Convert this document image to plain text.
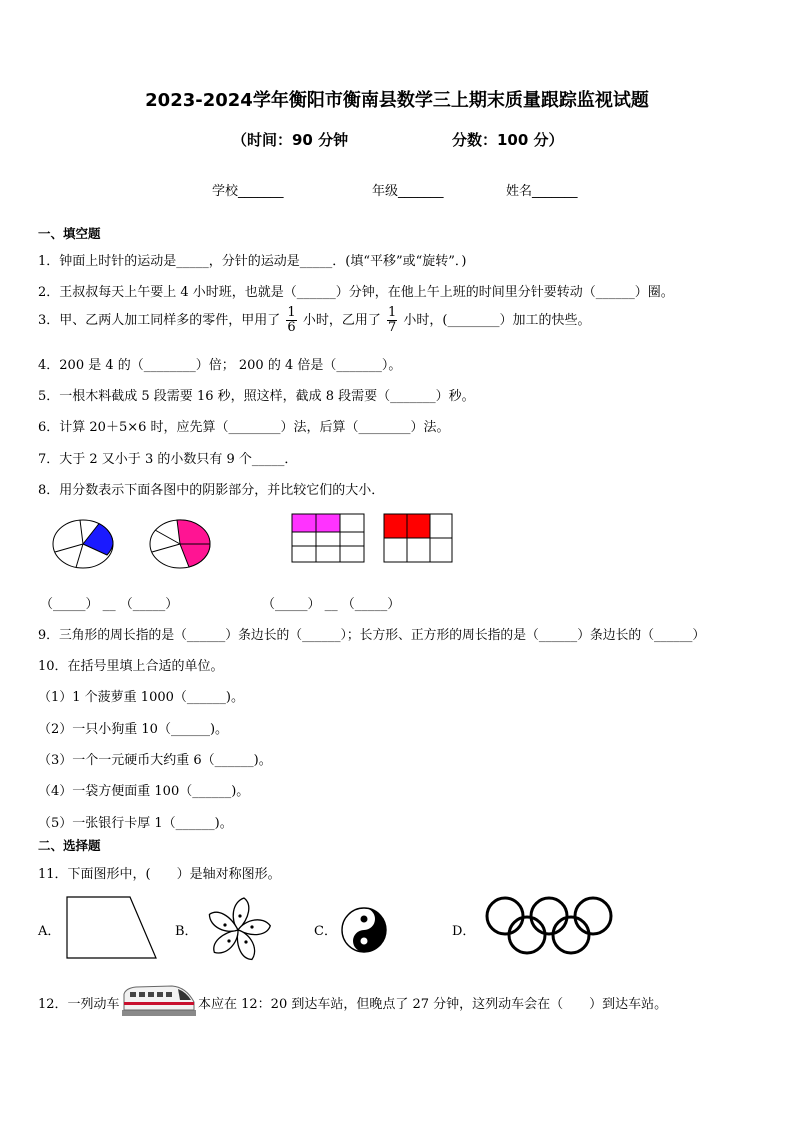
2023-2024学年衡阳市衡南县数学三上期末质量跟踪监视试题
（时间：90 分钟	分数：100 分）
学校_______	年级_______	姓名_______
一、填空题
1．钟面上时针的运动是_____，分针的运动是_____．(填“平移”或“旋转”．)
2．王叔叔每天上午要上 4 小时班，也就是（______）分钟，在他上午上班的时间里分针要转动（______）圈。
3．甲、乙两人加工同样多的零件，甲用了 $\frac{1}{6}$ 小时，乙用了 $\frac{1}{7}$ 小时，(________）加工的快些。
4．200 是 4 的（________）倍； 200 的 4 倍是（_______）。
5．一根木料截成 5 段需要 16 秒，照这样，截成 8 段需要（_______）秒。
6．计算 20＋5×6 时，应先算（________）法，后算（________）法。
7．大于 2 又小于 3 的小数只有 9 个_____．
8．用分数表示下面各图中的阴影部分，并比较它们的大小．
（_____） __ （_____）	（_____） __ （_____）
9．三角形的周长指的是（______）条边长的（______）；长方形、正方形的周长指的是（______）条边长的（______）
10．在括号里填上合适的单位。
（1）1 个菠萝重 1000（______)。
（2）一只小狗重 10（______)。
（3）一个一元硬币大约重 6（______)。
（4）一袋方便面重 100（______)。
（5）一张银行卡厚 1（______)。
二、选择题
11．下面图形中，(　　）是轴对称图形。
A．	B．	C．	D．
12．一列动车	本应在 12：20 到达车站，但晚点了 27 分钟，这列动车会在（　　）到达车站。
